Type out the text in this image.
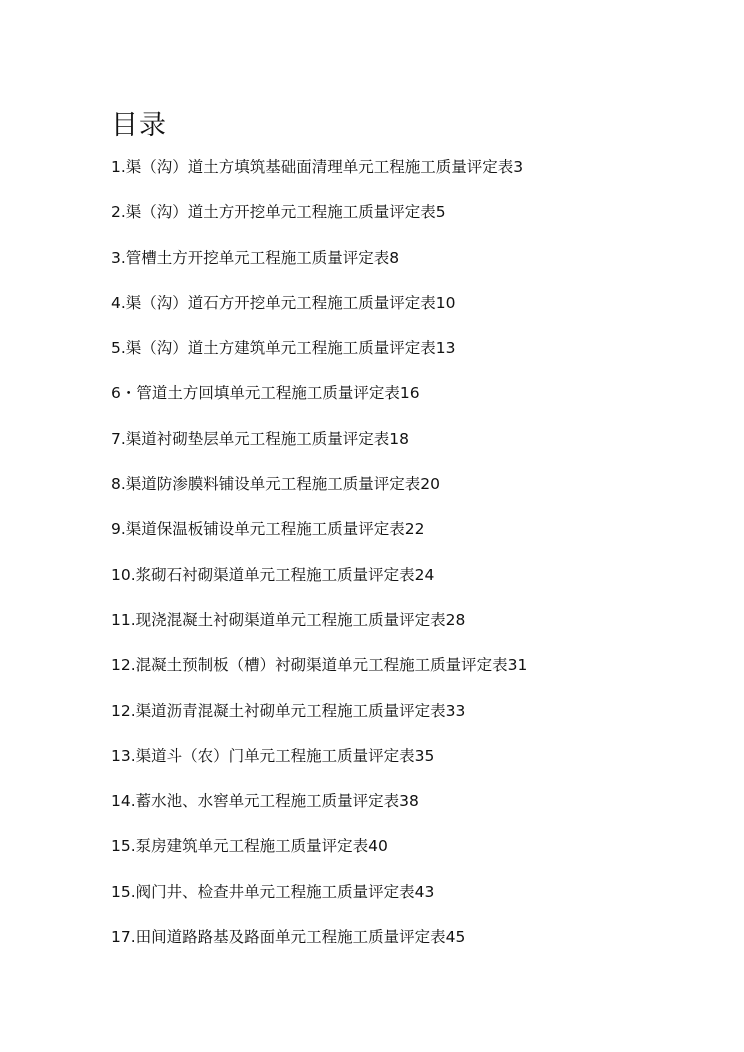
目录
1.渠（沟）道土方填筑基础面清理单元工程施工质量评定表3
2.渠（沟）道土方开挖单元工程施工质量评定表5
3.管槽土方开挖单元工程施工质量评定表8
4.渠（沟）道石方开挖单元工程施工质量评定表10
5.渠（沟）道土方建筑单元工程施工质量评定表13
6・管道土方回填单元工程施工质量评定表16
7.渠道衬砌垫层单元工程施工质量评定表18
8.渠道防渗膜料铺设单元工程施工质量评定表20
9.渠道保温板铺设单元工程施工质量评定表22
10.浆砌石衬砌渠道单元工程施工质量评定表24
11.现浇混凝土衬砌渠道单元工程施工质量评定表28
12.混凝土预制板（槽）衬砌渠道单元工程施工质量评定表31
12.渠道沥青混凝土衬砌单元工程施工质量评定表33
13.渠道斗（农）门单元工程施工质量评定表35
14.蓄水池、水窖单元工程施工质量评定表38
15.泵房建筑单元工程施工质量评定表40
15.阀门井、检查井单元工程施工质量评定表43
17.田间道路路基及路面单元工程施工质量评定表45
